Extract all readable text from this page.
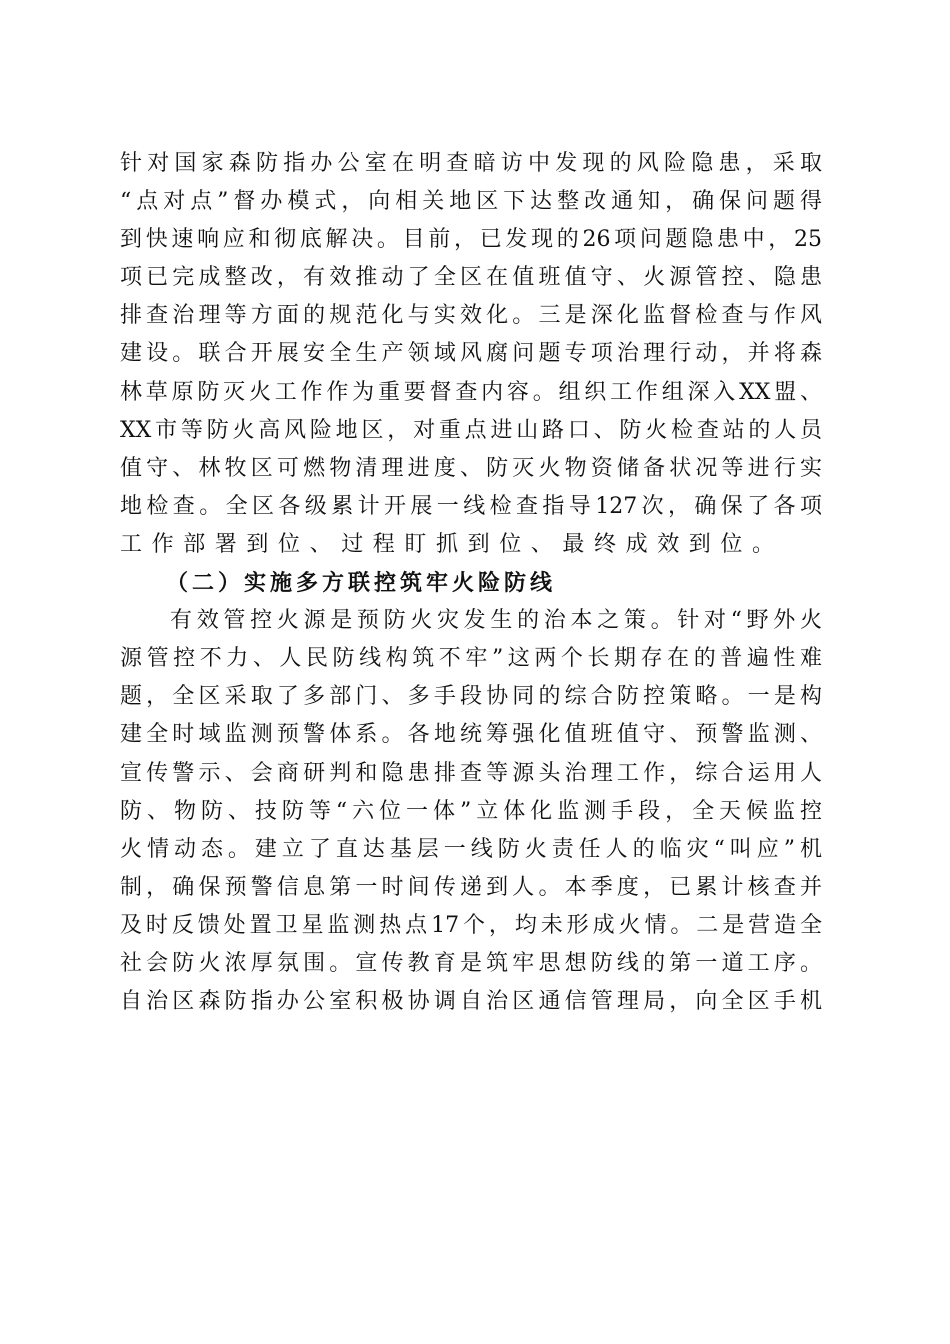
针对国家森防指办公室在明查暗访中发现的风险隐患，采取
“点对点”督办模式，向相关地区下达整改通知，确保问题得
到快速响应和彻底解决。目前，已发现的26项问题隐患中，25
项已完成整改，有效推动了全区在值班值守、火源管控、隐患
排查治理等方面的规范化与实效化。三是深化监督检查与作风
建设。联合开展安全生产领域风腐问题专项治理行动，并将森
林草原防灭火工作作为重要督查内容。组织工作组深入XX盟、
XX市等防火高风险地区，对重点进山路口、防火检查站的人员
值守、林牧区可燃物清理进度、防灭火物资储备状况等进行实
地检查。全区各级累计开展一线检查指导127次，确保了各项
工作部署到位、过程盯抓到位、最终成效到位。
（二）实施多方联控筑牢火险防线
有效管控火源是预防火灾发生的治本之策。针对“野外火
源管控不力、人民防线构筑不牢”这两个长期存在的普遍性难
题，全区采取了多部门、多手段协同的综合防控策略。一是构
建全时域监测预警体系。各地统筹强化值班值守、预警监测、
宣传警示、会商研判和隐患排查等源头治理工作，综合运用人
防、物防、技防等“六位一体”立体化监测手段，全天候监控
火情动态。建立了直达基层一线防火责任人的临灾“叫应”机
制，确保预警信息第一时间传递到人。本季度，已累计核查并
及时反馈处置卫星监测热点17个，均未形成火情。二是营造全
社会防火浓厚氛围。宣传教育是筑牢思想防线的第一道工序。
自治区森防指办公室积极协调自治区通信管理局，向全区手机
